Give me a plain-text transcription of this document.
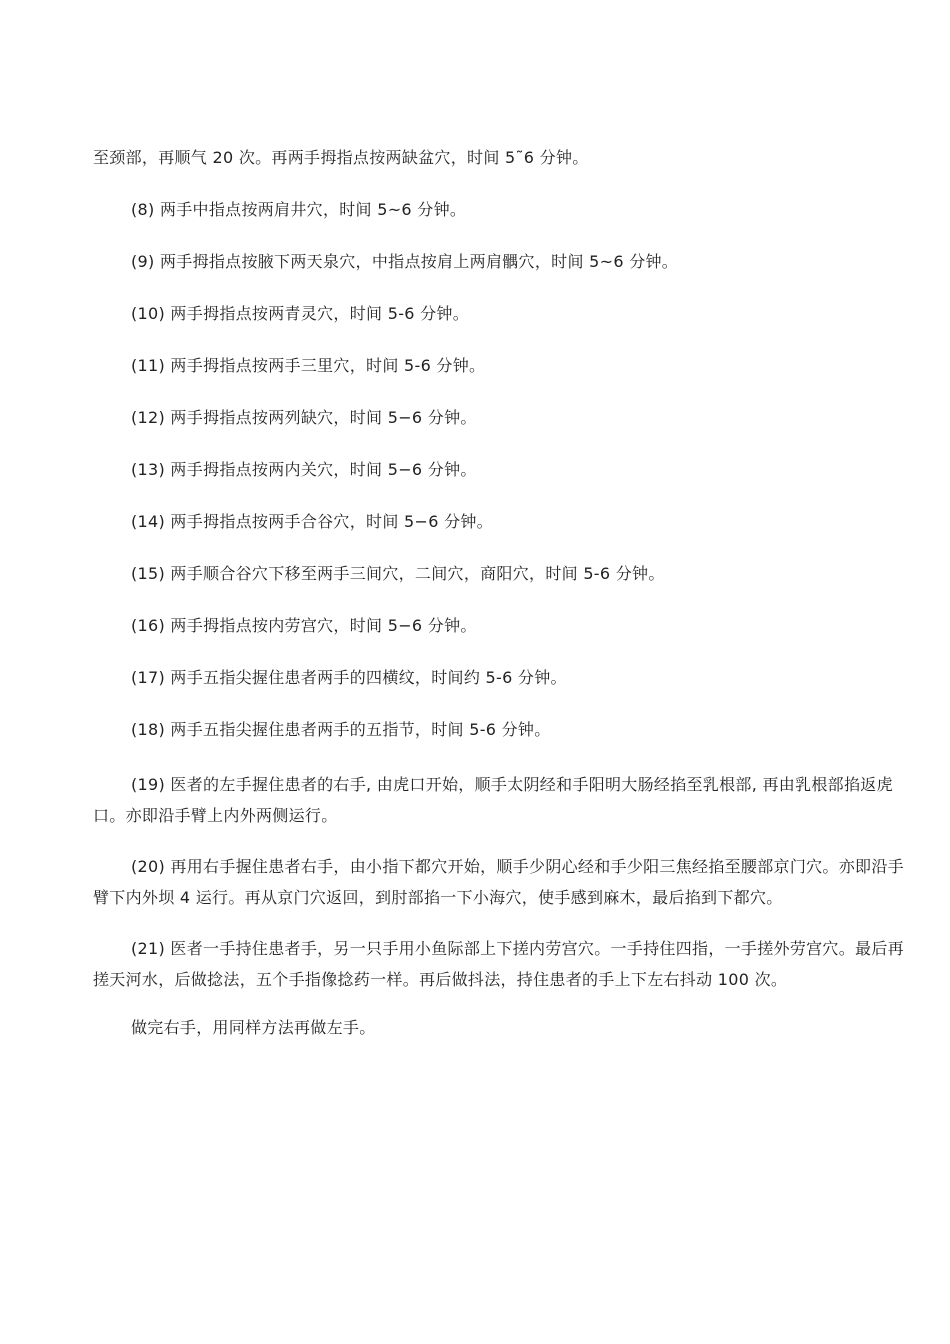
至颈部，再顺气 20 次。再两手拇指点按两缺盆穴，时间 5˜6 分钟。

(8) 两手中指点按两肩井穴，时间 5~6 分钟。

(9) 两手拇指点按腋下两天泉穴，中指点按肩上两肩髃穴，时间 5~6 分钟。

(10) 两手拇指点按两青灵穴，时间 5-6 分钟。

(11) 两手拇指点按两手三里穴，时间 5-6 分钟。

(12) 两手拇指点按两列缺穴，时间 5−6 分钟。

(13) 两手拇指点按两内关穴，时间 5−6 分钟。

(14) 两手拇指点按两手合谷穴，时间 5−6 分钟。

(15) 两手顺合谷穴下移至两手三间穴，二间穴，商阳穴，时间 5-6 分钟。

(16) 两手拇指点按内劳宫穴，时间 5−6 分钟。

(17) 两手五指尖握住患者两手的四横纹，时间约 5-6 分钟。

(18) 两手五指尖握住患者两手的五指节，时间 5-6 分钟。

(19) 医者的左手握住患者的右手, 由虎口开始，顺手太阴经和手阳明大肠经掐至乳根部, 再由乳根部掐返虎口。亦即沿手臂上内外两侧运行。

(20) 再用右手握住患者右手，由小指下都穴开始，顺手少阴心经和手少阳三焦经掐至腰部京门穴。亦即沿手臂下内外坝 4 运行。再从京门穴返回，到肘部掐一下小海穴，使手感到麻木，最后掐到下都穴。

(21) 医者一手持住患者手，另一只手用小鱼际部上下搓内劳宫穴。一手持住四指，一手搓外劳宫穴。最后再搓天河水，后做捻法，五个手指像捻药一样。再后做抖法，持住患者的手上下左右抖动 100 次。

做完右手，用同样方法再做左手。
